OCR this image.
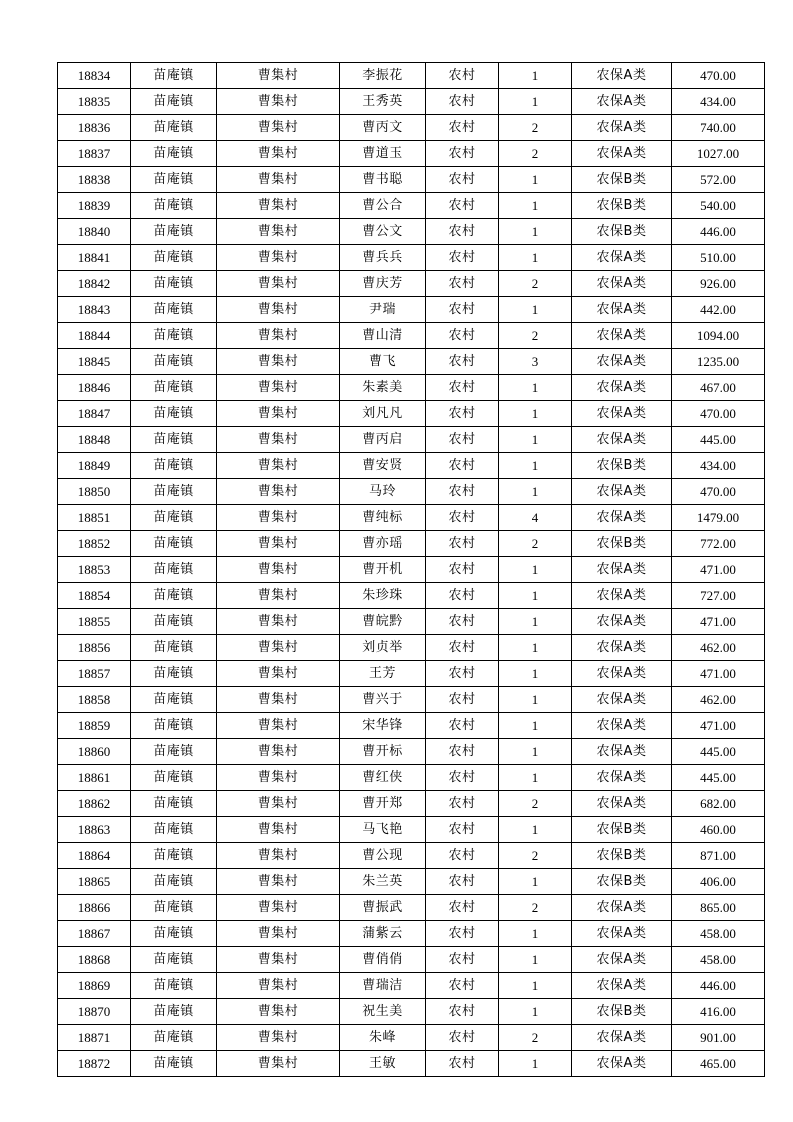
18834	苗庵镇	曹集村	李振花	农村	1	农保A类	470.00
18835	苗庵镇	曹集村	王秀英	农村	1	农保A类	434.00
18836	苗庵镇	曹集村	曹丙文	农村	2	农保A类	740.00
18837	苗庵镇	曹集村	曹道玉	农村	2	农保A类	1027.00
18838	苗庵镇	曹集村	曹书聪	农村	1	农保B类	572.00
18839	苗庵镇	曹集村	曹公合	农村	1	农保B类	540.00
18840	苗庵镇	曹集村	曹公文	农村	1	农保B类	446.00
18841	苗庵镇	曹集村	曹兵兵	农村	1	农保A类	510.00
18842	苗庵镇	曹集村	曹庆芳	农村	2	农保A类	926.00
18843	苗庵镇	曹集村	尹瑞	农村	1	农保A类	442.00
18844	苗庵镇	曹集村	曹山清	农村	2	农保A类	1094.00
18845	苗庵镇	曹集村	曹飞	农村	3	农保A类	1235.00
18846	苗庵镇	曹集村	朱素美	农村	1	农保A类	467.00
18847	苗庵镇	曹集村	刘凡凡	农村	1	农保A类	470.00
18848	苗庵镇	曹集村	曹丙启	农村	1	农保A类	445.00
18849	苗庵镇	曹集村	曹安贤	农村	1	农保B类	434.00
18850	苗庵镇	曹集村	马玲	农村	1	农保A类	470.00
18851	苗庵镇	曹集村	曹纯标	农村	4	农保A类	1479.00
18852	苗庵镇	曹集村	曹亦瑶	农村	2	农保B类	772.00
18853	苗庵镇	曹集村	曹开机	农村	1	农保A类	471.00
18854	苗庵镇	曹集村	朱珍珠	农村	1	农保A类	727.00
18855	苗庵镇	曹集村	曹皖黔	农村	1	农保A类	471.00
18856	苗庵镇	曹集村	刘贞举	农村	1	农保A类	462.00
18857	苗庵镇	曹集村	王芳	农村	1	农保A类	471.00
18858	苗庵镇	曹集村	曹兴于	农村	1	农保A类	462.00
18859	苗庵镇	曹集村	宋华锋	农村	1	农保A类	471.00
18860	苗庵镇	曹集村	曹开标	农村	1	农保A类	445.00
18861	苗庵镇	曹集村	曹红侠	农村	1	农保A类	445.00
18862	苗庵镇	曹集村	曹开郑	农村	2	农保A类	682.00
18863	苗庵镇	曹集村	马飞艳	农村	1	农保B类	460.00
18864	苗庵镇	曹集村	曹公现	农村	2	农保B类	871.00
18865	苗庵镇	曹集村	朱兰英	农村	1	农保B类	406.00
18866	苗庵镇	曹集村	曹振武	农村	2	农保A类	865.00
18867	苗庵镇	曹集村	蒲紫云	农村	1	农保A类	458.00
18868	苗庵镇	曹集村	曹俏俏	农村	1	农保A类	458.00
18869	苗庵镇	曹集村	曹瑞洁	农村	1	农保A类	446.00
18870	苗庵镇	曹集村	祝生美	农村	1	农保B类	416.00
18871	苗庵镇	曹集村	朱峰	农村	2	农保A类	901.00
18872	苗庵镇	曹集村	王敏	农村	1	农保A类	465.00
